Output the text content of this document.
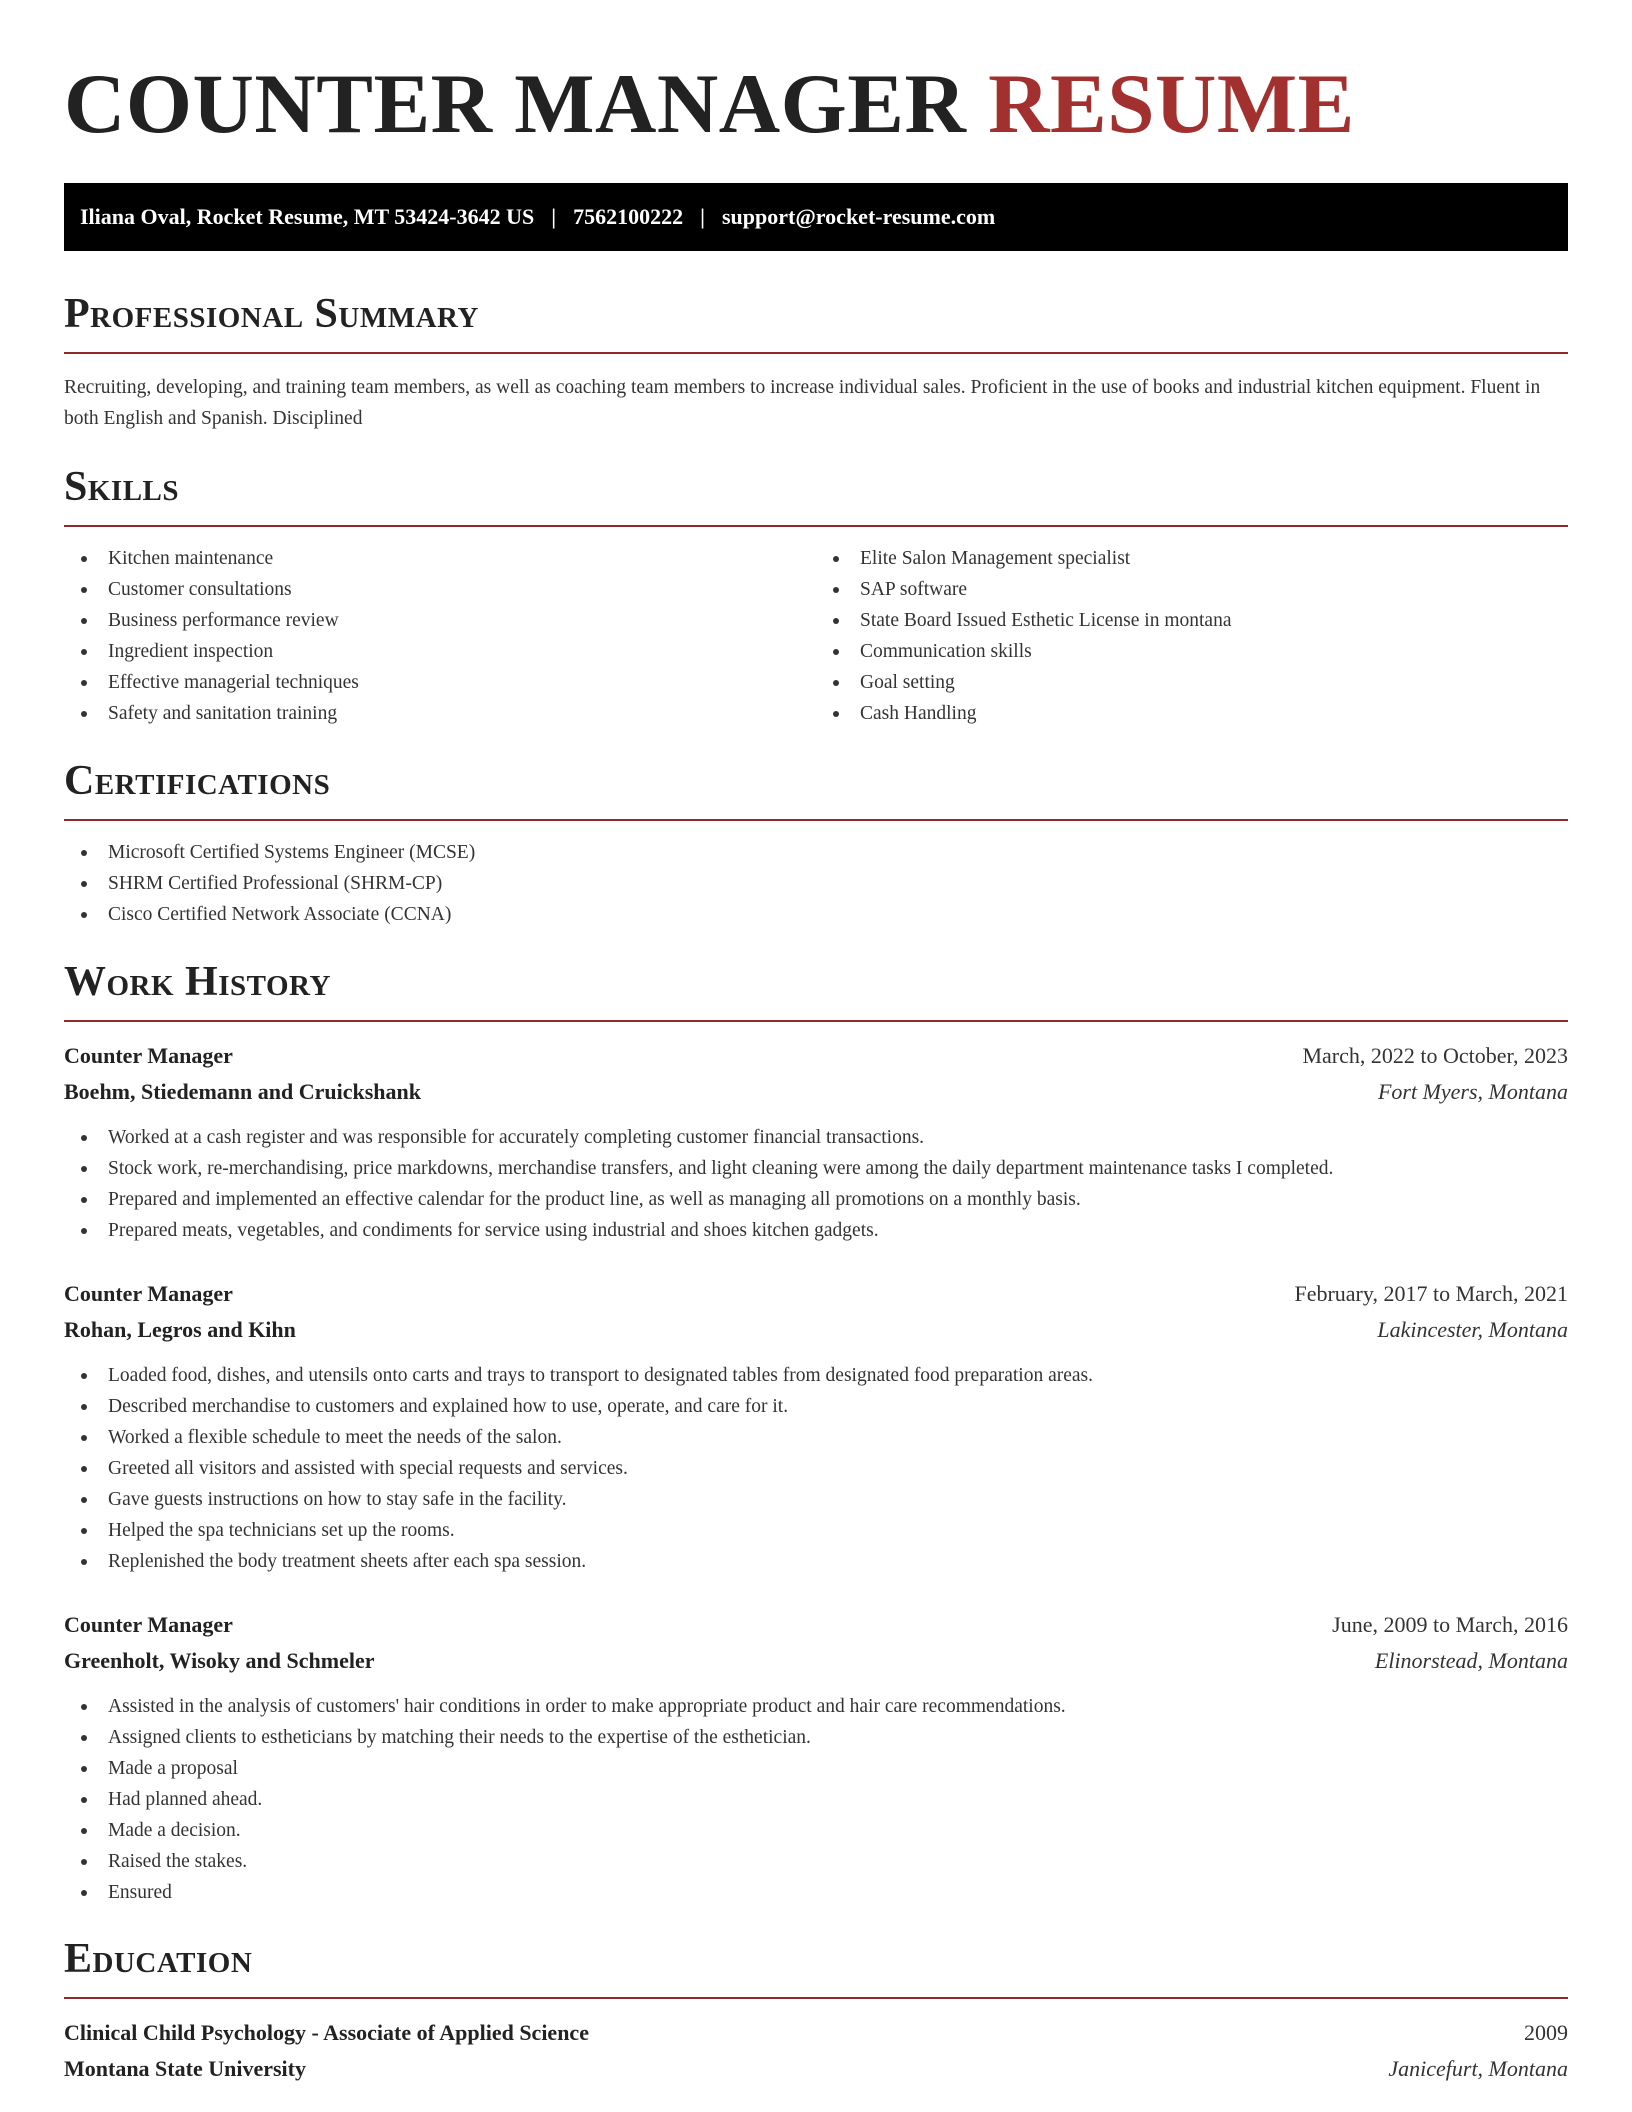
COUNTER MANAGER RESUME
Iliana Oval, Rocket Resume, MT 53424-3642 US | 7562100222 | support@rocket-resume.com
Professional Summary

Recruiting, developing, and training team members, as well as coaching team members to increase individual sales. Proficient in the use of books and industrial kitchen equipment. Fluent in both English and Spanish. Disciplined

Skills
Kitchen maintenance
Customer consultations
Business performance review
Ingredient inspection
Effective managerial techniques
Safety and sanitation training
Elite Salon Management specialist
SAP software
State Board Issued Esthetic License in montana
Communication skills
Goal setting
Cash Handling
Certifications
Microsoft Certified Systems Engineer (MCSE)
SHRM Certified Professional (SHRM-CP)
Cisco Certified Network Associate (CCNA)
Work History
Counter Manager	March, 2022 to October, 2023
Boehm, Stiedemann and Cruickshank	Fort Myers, Montana
Worked at a cash register and was responsible for accurately completing customer financial transactions.
Stock work, re-merchandising, price markdowns, merchandise transfers, and light cleaning were among the daily department maintenance tasks I completed.
Prepared and implemented an effective calendar for the product line, as well as managing all promotions on a monthly basis.
Prepared meats, vegetables, and condiments for service using industrial and shoes kitchen gadgets.
Counter Manager	February, 2017 to March, 2021
Rohan, Legros and Kihn	Lakincester, Montana
Loaded food, dishes, and utensils onto carts and trays to transport to designated tables from designated food preparation areas.
Described merchandise to customers and explained how to use, operate, and care for it.
Worked a flexible schedule to meet the needs of the salon.
Greeted all visitors and assisted with special requests and services.
Gave guests instructions on how to stay safe in the facility.
Helped the spa technicians set up the rooms.
Replenished the body treatment sheets after each spa session.
Counter Manager	June, 2009 to March, 2016
Greenholt, Wisoky and Schmeler	Elinorstead, Montana
Assisted in the analysis of customers' hair conditions in order to make appropriate product and hair care recommendations.
Assigned clients to estheticians by matching their needs to the expertise of the esthetician.
Made a proposal
Had planned ahead.
Made a decision.
Raised the stakes.
Ensured
Education
Clinical Child Psychology - Associate of Applied Science	2009
Montana State University	Janicefurt, Montana
